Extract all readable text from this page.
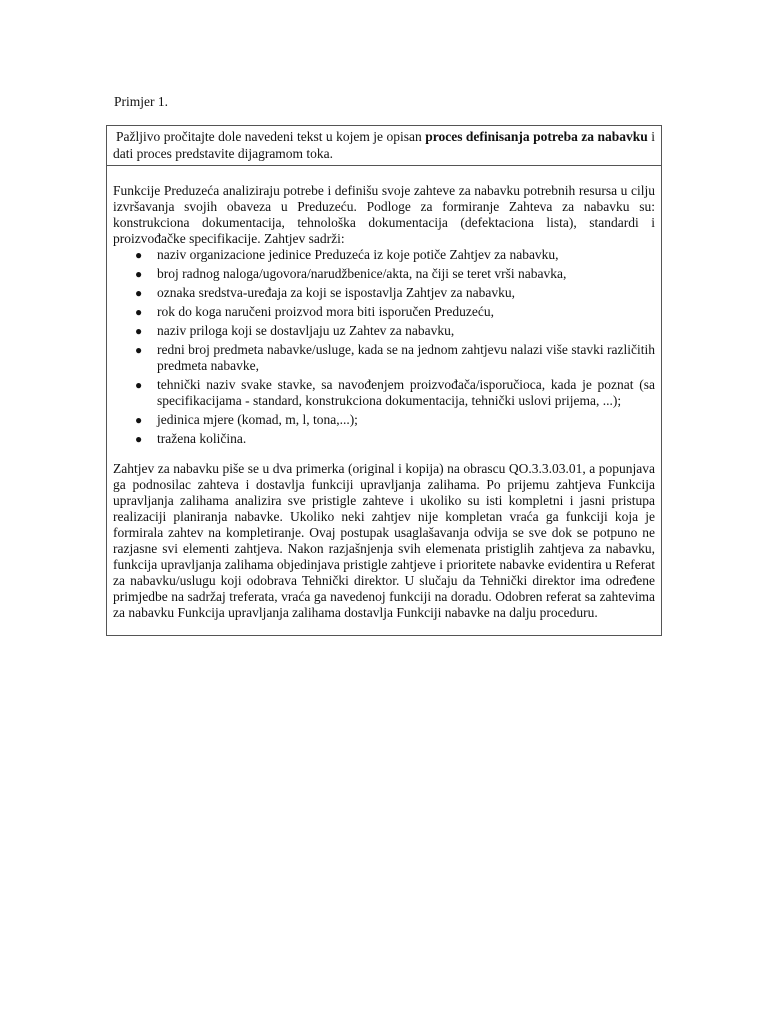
Primjer 1.

Pažljivo pročitajte dole navedeni tekst u kojem je opisan proces definisanja potreba za nabavku i dati proces predstavite dijagramom toka.

Funkcije Preduzeća analiziraju potrebe i definišu svoje zahteve za nabavku potrebnih resursa u cilju izvršavanja svojih obaveza u Preduzeću. Podloge za formiranje Zahteva za nabavku su: konstrukciona dokumentacija, tehnološka dokumentacija (defektaciona lista), standardi i proizvođačke specifikacije. Zahtjev sadrži:

● naziv organizacione jedinice Preduzeća iz koje potiče Zahtjev za nabavku,
● broj radnog naloga/ugovora/narudžbenice/akta, na čiji se teret vrši nabavka,
● oznaka sredstva-uređaja za koji se ispostavlja Zahtjev za nabavku,
● rok do koga naručeni proizvod mora biti isporučen Preduzeću,
● naziv priloga koji se dostavljaju uz Zahtev za nabavku,
● redni broj predmeta nabavke/usluge, kada se na jednom zahtjevu nalazi više stavki različitih predmeta nabavke,
● tehnički naziv svake stavke, sa navođenjem proizvođača/isporučioca, kada je poznat (sa specifikacijama - standard, konstrukciona dokumentacija, tehnički uslovi prijema, ...);
● jedinica mjere (komad, m, l, tona,...);
● tražena količina.

Zahtjev za nabavku piše se u dva primerka (original i kopija) na obrascu QO.3.3.03.01, a popunjava ga podnosilac zahteva i dostavlja funkciji upravljanja zalihama. Po prijemu zahtjeva Funkcija upravljanja zalihama analizira sve pristigle zahteve i ukoliko su isti kompletni i jasni pristupa realizaciji planiranja nabavke. Ukoliko neki zahtjev nije kompletan vraća ga funkciji koja je formirala zahtev na kompletiranje. Ovaj postupak usaglašavanja odvija se sve dok se potpuno ne razjasne svi elementi zahtjeva. Nakon razjašnjenja svih elemenata pristiglih zahtjeva za nabavku, funkcija upravljanja zalihama objedinjava pristigle zahtjeve i prioritete nabavke evidentira u Referat za nabavku/uslugu koji odobrava Tehnički direktor. U slučaju da Tehnički direktor ima određene primjedbe na sadržaj treferata, vraća ga navedenoj funkciji na doradu. Odobren referat sa zahtevima za nabavku Funkcija upravljanja zalihama dostavlja Funkciji nabavke na dalju proceduru.
